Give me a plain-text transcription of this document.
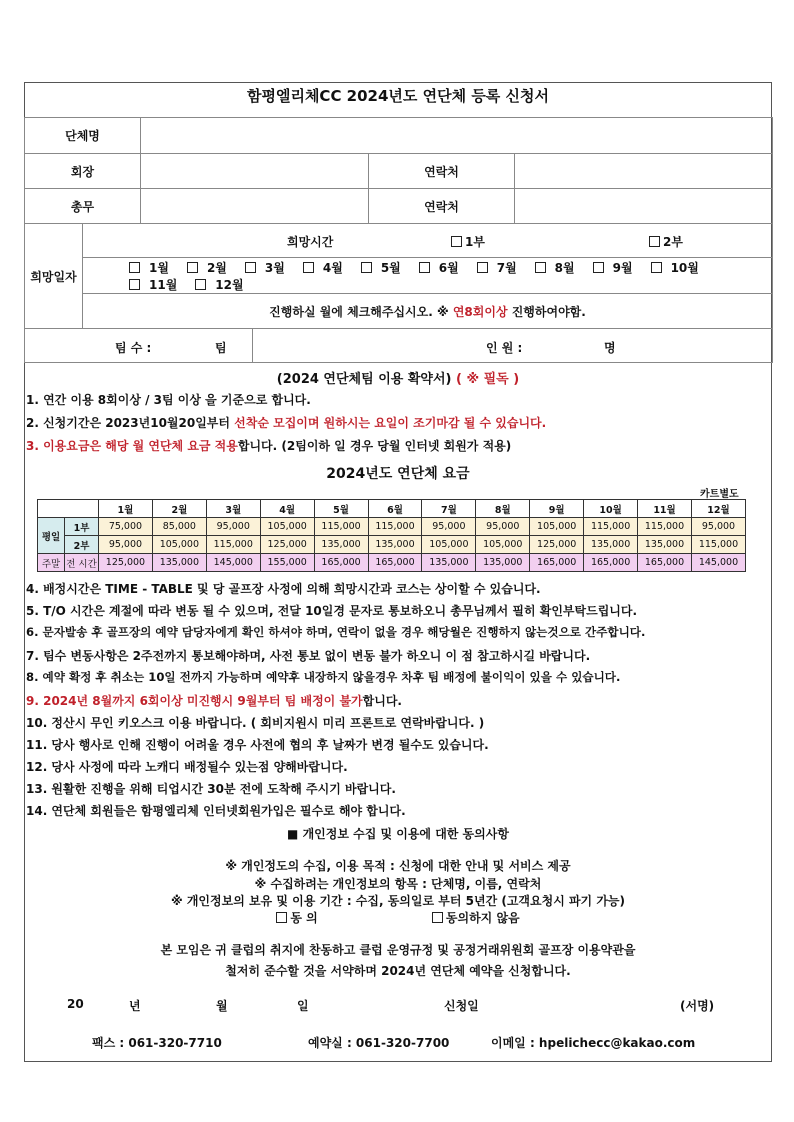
함평엘리체CC 2024년도 연단체 등록 신청서
단체명					
회장				연락처	
총무				연락처	
희망일자	희망시간 1부 2부				

	1월 2월 3월 4월 5월 6월 7월 8월 9월 10월11월 12월				
	진행하실 월에 체크해주십시오. ※ 연8회이상 진행하여야함.				

팀 수 : 팀			인 원 : 명		
(2024 연단체팀 이용 확약서) ( ※ 필독 )
1. 연간 이용 8회이상 / 3팀 이상 을 기준으로 합니다.
2. 신청기간은 2023년10월20일부터 선착순 모집이며 원하시는 요일이 조기마감 될 수 있습니다.
3. 이용요금은 해당 월 연단체 요금 적용합니다. (2팀이하 일 경우 당월 인터넷 회원가 적용)
2024년도 연단체 요금
카트별도
		1월	2월	3월	4월	5월	6월	7월	8월	9월	10월	11월	12월
평일	1부	75,000	85,000	95,000	105,000	115,000	115,000	95,000	95,000	105,000	115,000	115,000	95,000
	2부	95,000	105,000	115,000	125,000	135,000	135,000	105,000	105,000	125,000	135,000	135,000	115,000
주말	전 시간	125,000	135,000	145,000	155,000	165,000	165,000	135,000	135,000	165,000	165,000	165,000	145,000
4. 배정시간은 TIME - TABLE 및 당 골프장 사정에 의해 희망시간과 코스는 상이할 수 있습니다.
5. T/O 시간은 계절에 따라 변동 될 수 있으며, 전달 10일경 문자로 통보하오니 총무님께서 필히 확인부탁드립니다.
6. 문자발송 후 골프장의 예약 담당자에게 확인 하셔야 하며, 연락이 없을 경우 해당월은 진행하지 않는것으로 간주합니다.
7. 팀수 변동사항은 2주전까지 통보해야하며, 사전 통보 없이 변동 불가 하오니 이 점 참고하시길 바랍니다.
8. 예약 확정 후 취소는 10일 전까지 가능하며 예약후 내장하지 않을경우 차후 팀 배정에 불이익이 있을 수 있습니다.
9. 2024년 8월까지 6회이상 미진행시 9월부터 팀 배정이 불가합니다.
10. 정산시 무인 키오스크 이용 바랍니다. ( 회비지원시 미리 프론트로 연락바랍니다. )
11. 당사 행사로 인해 진행이 어려울 경우 사전에 협의 후 날짜가 변경 될수도 있습니다.
12. 당사 사정에 따라 노캐디 배정될수 있는점 양해바랍니다.
13. 원활한 진행을 위해 티업시간 30분 전에 도착해 주시기 바랍니다.
14. 연단체 회원들은 함평엘리체 인터넷회원가입은 필수로 해야 합니다.
■ 개인정보 수집 및 이용에 대한 동의사항
※ 개인정도의 수집, 이용 목적 : 신청에 대한 안내 및 서비스 제공
※ 수집하려는 개인정보의 항목 : 단체명, 이름, 연락처
※ 개인정보의 보유 및 이용 기간 : 수집, 동의일로 부터 5년간 (고객요청시 파기 가능)
동 의	동의하지 않음
본 모임은 귀 클럽의 취지에 찬동하고 클럽 운영규정 및 공정거래위원회 골프장 이용약관을
철저히 준수할 것을 서약하며 2024년 연단체 예약을 신청합니다.
20	년	월	일	신청일	(서명)
팩스 : 061-320-7710	예약실 : 061-320-7700	이메일 : hpelichecc@kakao.com
